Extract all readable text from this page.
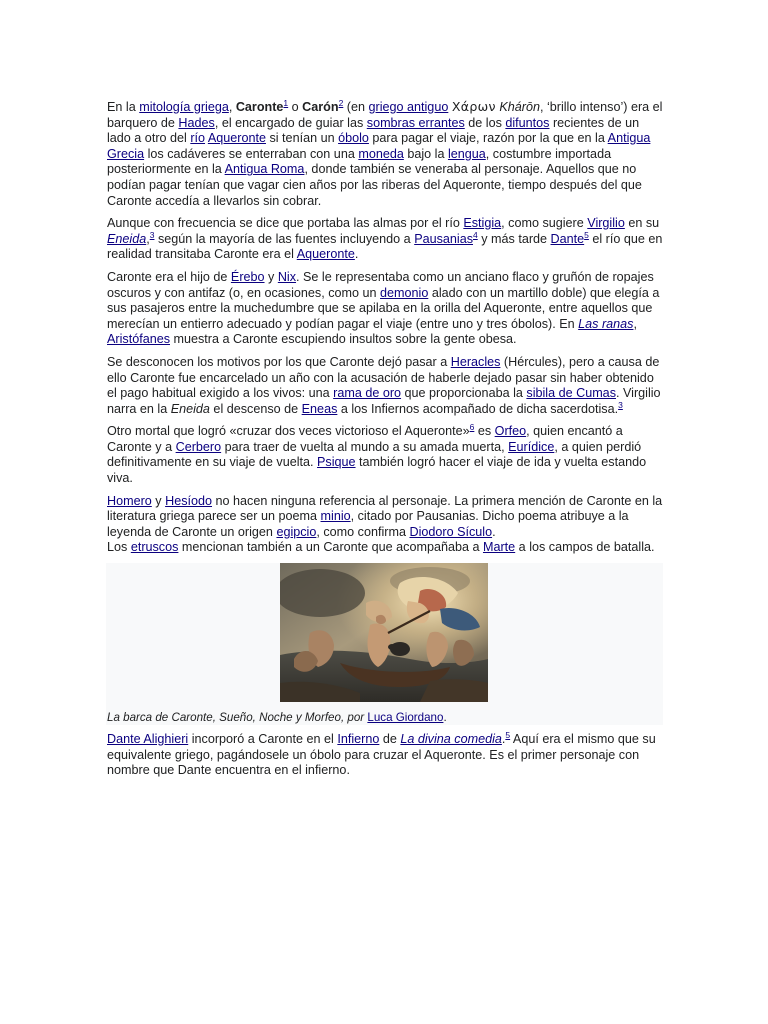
En la mitología griega, Caronte$^1$ o Carón$^2$ (en griego antiguo Χάρων Khárōn, ‘brillo intenso’) era el barquero de Hades, el encargado de guiar las sombras errantes de los difuntos recientes de un lado a otro del río Aqueronte si tenían un óbolo para pagar el viaje, razón por la que en la Antigua Grecia los cadáveres se enterraban con una moneda bajo la lengua, costumbre importada posteriormente en la Antigua Roma, donde también se veneraba al personaje. Aquellos que no podían pagar tenían que vagar cien años por las riberas del Aqueronte, tiempo después del que Caronte accedía a llevarlos sin cobrar.

Aunque con frecuencia se dice que portaba las almas por el río Estigia, como sugiere Virgilio en su Eneida,$^3$ según la mayoría de las fuentes incluyendo a Pausanias$^4$ y más tarde Dante$^5$ el río que en realidad transitaba Caronte era el Aqueronte.

Caronte era el hijo de Érebo y Nix. Se le representaba como un anciano flaco y gruñón de ropajes oscuros y con antifaz (o, en ocasiones, como un demonio alado con un martillo doble) que elegía a sus pasajeros entre la muchedumbre que se apilaba en la orilla del Aqueronte, entre aquellos que merecían un entierro adecuado y podían pagar el viaje (entre uno y tres óbolos). En Las ranas, Aristófanes muestra a Caronte escupiendo insultos sobre la gente obesa.

Se desconocen los motivos por los que Caronte dejó pasar a Heracles (Hércules), pero a causa de ello Caronte fue encarcelado un año con la acusación de haberle dejado pasar sin haber obtenido el pago habitual exigido a los vivos: una rama de oro que proporcionaba la sibila de Cumas. Virgilio narra en la Eneida el descenso de Eneas a los Infiernos acompañado de dicha sacerdotisa.$^3$

Otro mortal que logró «cruzar dos veces victorioso el Aqueronte»$^6$ es Orfeo, quien encantó a Caronte y a Cerbero para traer de vuelta al mundo a su amada muerta, Eurídice, a quien perdió definitivamente en su viaje de vuelta. Psique también logró hacer el viaje de ida y vuelta estando viva.

Homero y Hesíodo no hacen ninguna referencia al personaje. La primera mención de Caronte en la literatura griega parece ser un poema minio, citado por Pausanias. Dicho poema atribuye a la leyenda de Caronte un origen egipcio, como confirma Diodoro Sículo.
Los etruscos mencionan también a un Caronte que acompañaba a Marte a los campos de batalla.

La barca de Caronte, Sueño, Noche y Morfeo, por Luca Giordano.

Dante Alighieri incorporó a Caronte en el Infierno de La divina comedia.$^5$ Aquí era el mismo que su equivalente griego, pagándosele un óbolo para cruzar el Aqueronte. Es el primer personaje con nombre que Dante encuentra en el infierno.
